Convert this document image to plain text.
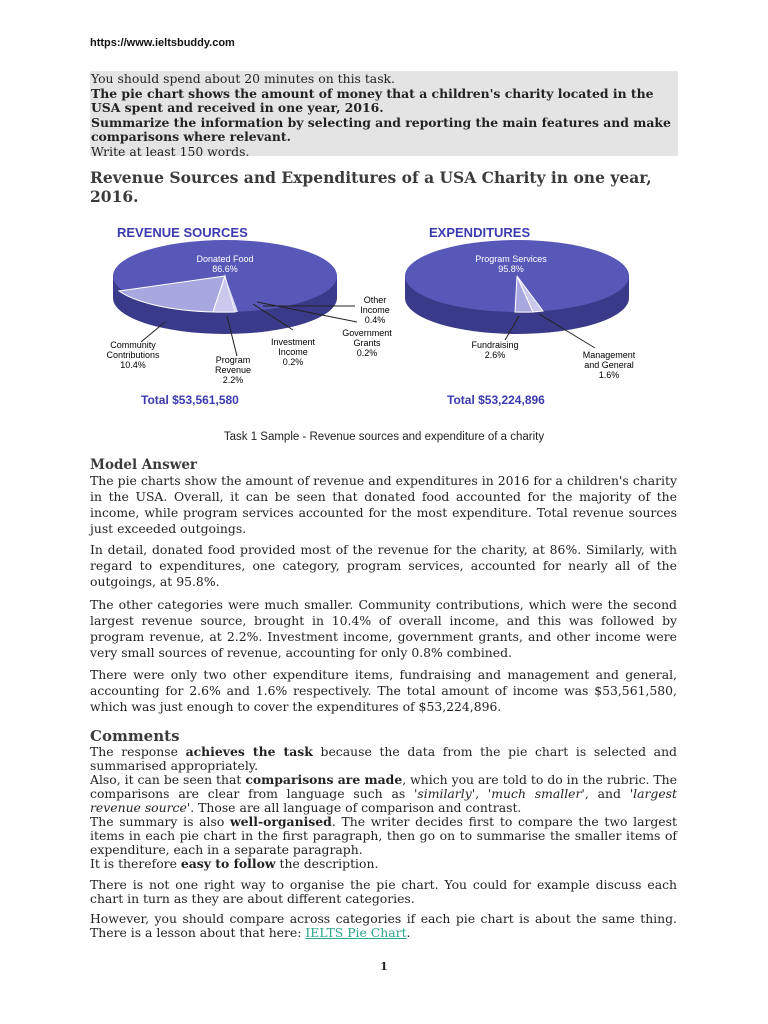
https://www.ieltsbuddy.com
You should spend about 20 minutes on this task.
The pie chart shows the amount of money that a children's charity located in the USA spent and received in one year, 2016.
Summarize the information by selecting and reporting the main features and make comparisons where relevant.
Write at least 150 words.
Revenue Sources and Expenditures of a USA Charity in one year, 2016.
REVENUE SOURCES
Donated Food
86.6%
Community
Contributions
10.4%	Program
Revenue
2.2%
Investment
Income
0.2%
Government
Grants
0.2%
Other
Income
0.4%
Total $53,561,580
EXPENDITURES
Program Services
95.8%
Fundraising
2.6%	Management
and General
1.6%
Total $53,224,896
Task 1 Sample - Revenue sources and expenditure of a charity
Model Answer

The pie charts show the amount of revenue and expenditures in 2016 for a children's charity in the USA. Overall, it can be seen that donated food accounted for the majority of the income, while program services accounted for the most expenditure. Total revenue sources just exceeded outgoings.

In detail, donated food provided most of the revenue for the charity, at 86%. Similarly, with regard to expenditures, one category, program services, accounted for nearly all of the outgoings, at 95.8%.

The other categories were much smaller. Community contributions, which were the second largest revenue source, brought in 10.4% of overall income, and this was followed by program revenue, at 2.2%. Investment income, government grants, and other income were very small sources of revenue, accounting for only 0.8% combined.

There were only two other expenditure items, fundraising and management and general, accounting for 2.6% and 1.6% respectively. The total amount of income was $53,561,580, which was just enough to cover the expenditures of $53,224,896.

Comments

The response achieves the task because the data from the pie chart is selected and summarised appropriately.

Also, it can be seen that comparisons are made, which you are told to do in the rubric. The comparisons are clear from language such as 'similarly', 'much smaller', and 'largest revenue source'. Those are all language of comparison and contrast.

The summary is also well-organised. The writer decides first to compare the two largest items in each pie chart in the first paragraph, then go on to summarise the smaller items of expenditure, each in a separate paragraph.

It is therefore easy to follow the description.

There is not one right way to organise the pie chart. You could for example discuss each chart in turn as they are about different categories.

However, you should compare across categories if each pie chart is about the same thing. There is a lesson about that here: IELTS Pie Chart.

1
